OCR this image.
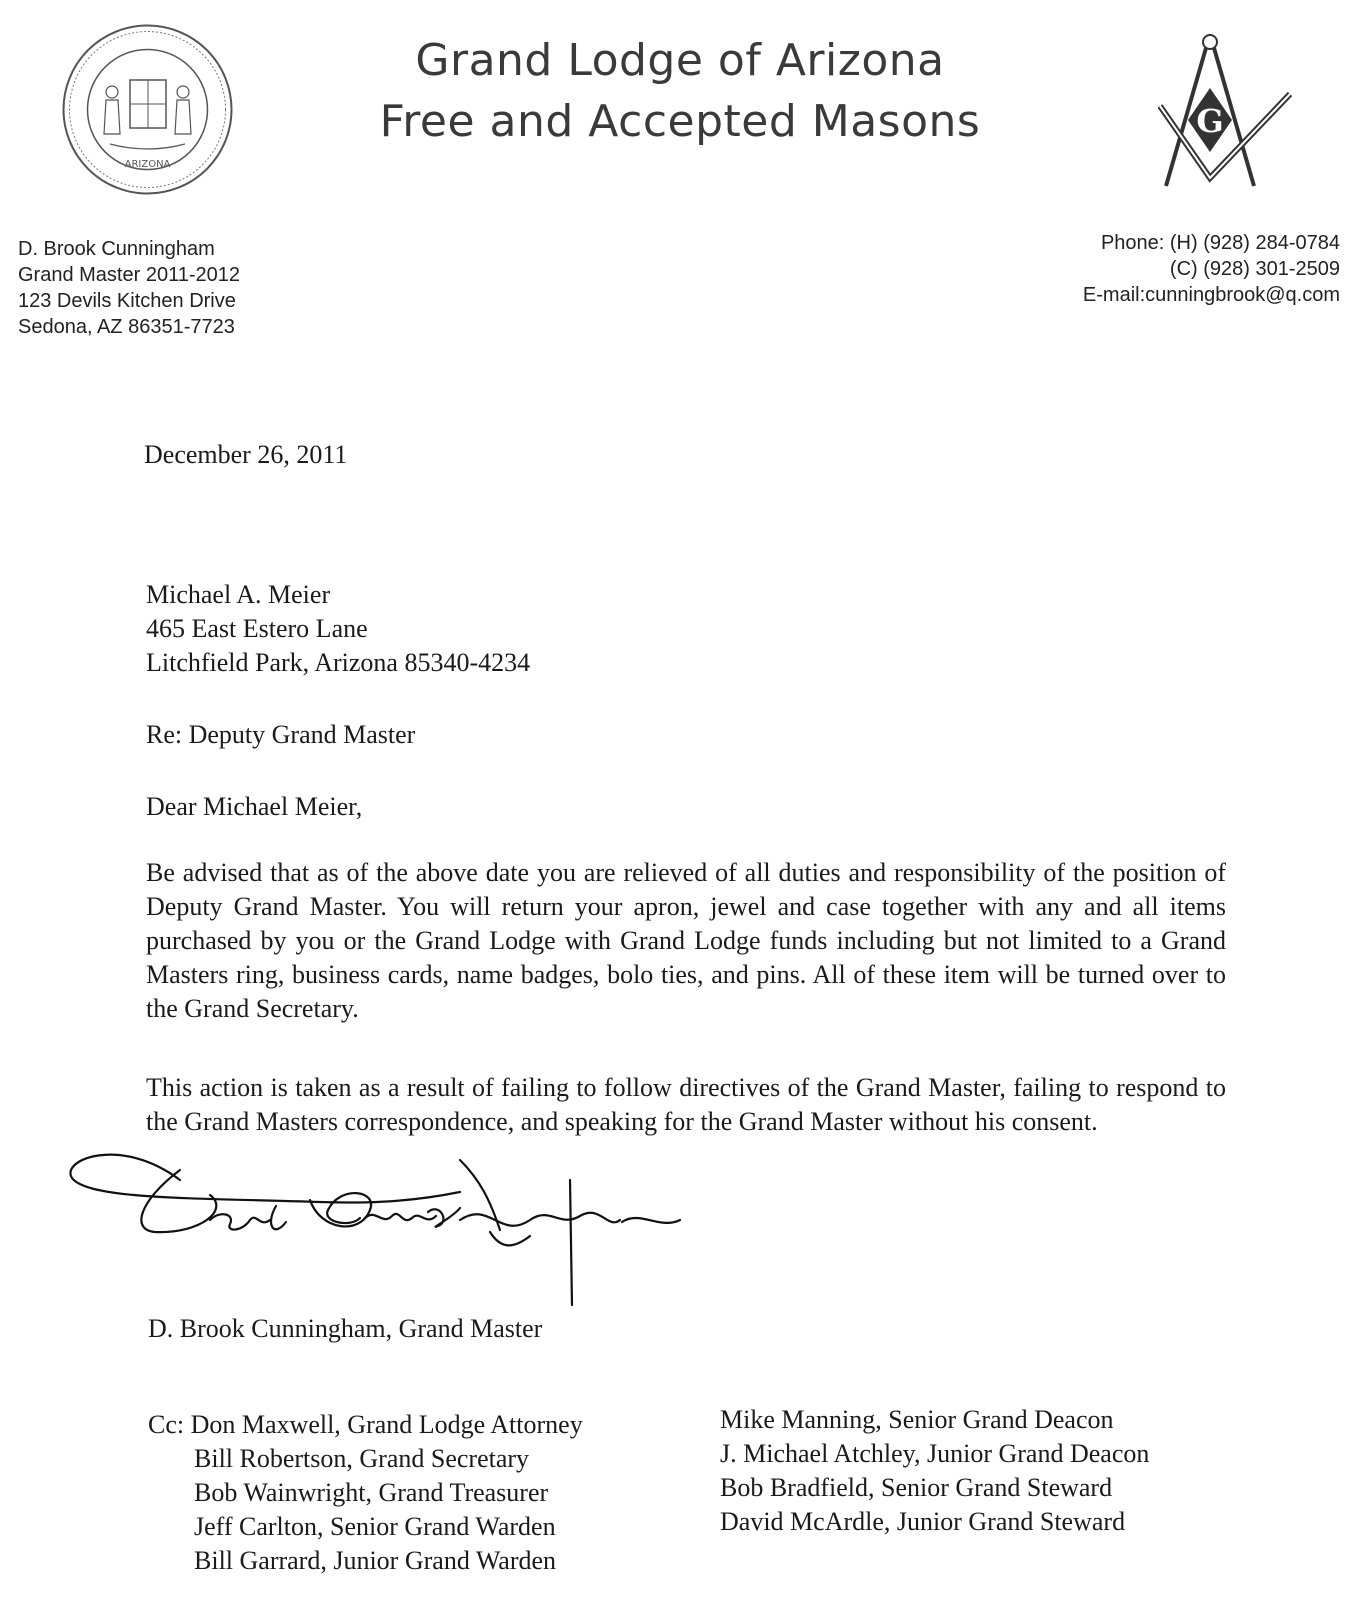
ARIZONA
Grand Lodge of Arizona
Free and Accepted Masons	G
D. Brook Cunningham
Grand Master 2011-2012
123 Devils Kitchen Drive
Sedona, AZ 86351-7723
Phone: (H) (928) 284-0784
(C) (928) 301-2509
E-mail:cunningbrook@q.com
December 26, 2011
Michael A. Meier
465 East Estero Lane
Litchfield Park, Arizona 85340-4234
Re: Deputy Grand Master
Dear Michael Meier,
Be advised that as of the above date you are relieved of all duties and responsibility of the position of Deputy Grand Master. You will return your apron, jewel and case together with any and all items purchased by you or the Grand Lodge with Grand Lodge funds including but not limited to a Grand Masters ring, business cards, name badges, bolo ties, and pins. All of these item will be turned over to the Grand Secretary.
This action is taken as a result of failing to follow directives of the Grand Master, failing to respond to the Grand Masters correspondence, and speaking for the Grand Master without his consent.
D. Brook Cunningham, Grand Master
Cc: Don Maxwell, Grand Lodge Attorney
Bill Robertson, Grand Secretary
Bob Wainwright, Grand Treasurer
Jeff Carlton, Senior Grand Warden
Bill Garrard, Junior Grand Warden
Mike Manning, Senior Grand Deacon
J. Michael Atchley, Junior Grand Deacon
Bob Bradfield, Senior Grand Steward
David McArdle, Junior Grand Steward
